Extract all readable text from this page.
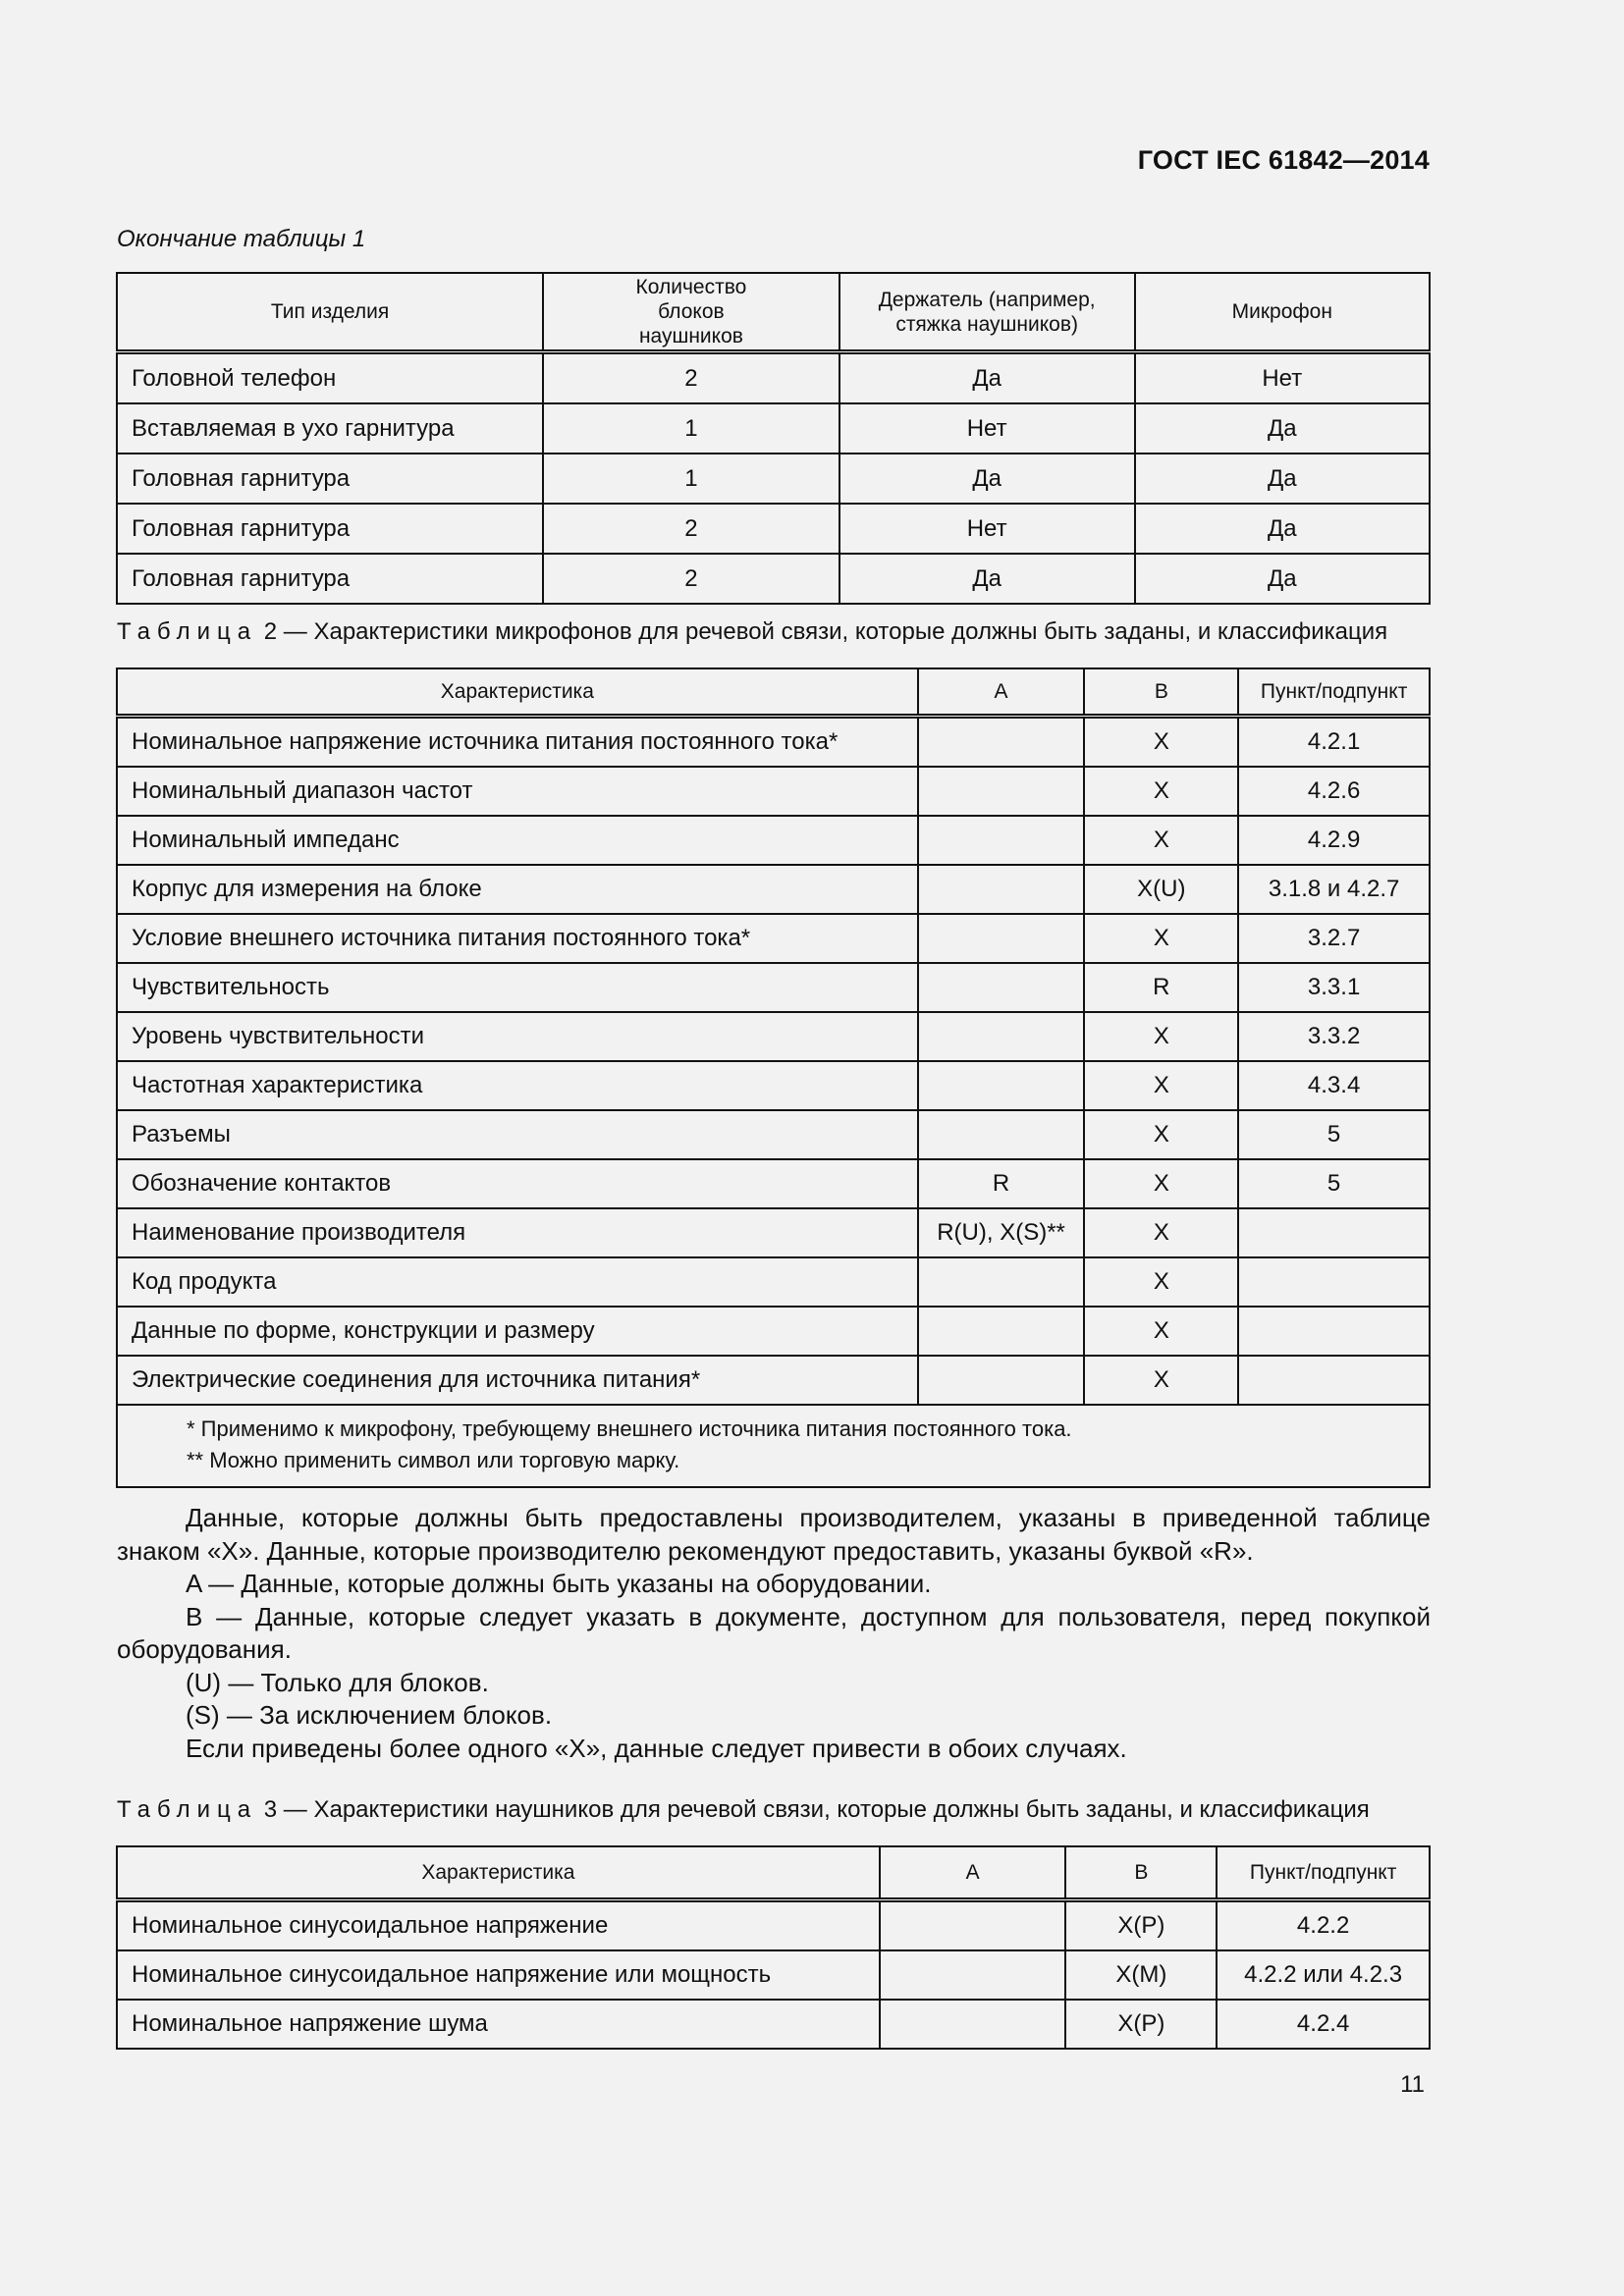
ГОСТ IEC 61842—2014
Окончание таблицы 1
Тип изделия	Количество блоков наушников	Держатель (например, стяжка наушников)	Микрофон
Головной телефон	2	Да	Нет
Вставляемая в ухо гарнитура	1	Нет	Да
Головная гарнитура	1	Да	Да
Головная гарнитура	2	Нет	Да
Головная гарнитура	2	Да	Да
Таблица 2 — Характеристики микрофонов для речевой связи, которые должны быть заданы, и классификация
Характеристика	A	B	Пункт/подпункт
Номинальное напряжение источника питания постоянного тока*		X	4.2.1
Номинальный диапазон частот		X	4.2.6
Номинальный импеданс		X	4.2.9
Корпус для измерения на блоке		X(U)	3.1.8 и 4.2.7
Условие внешнего источника питания постоянного тока*		X	3.2.7
Чувствительность		R	3.3.1
Уровень чувствительности		X	3.3.2
Частотная характеристика		X	4.3.4
Разъемы		X	5
Обозначение контактов	R	X	5
Наименование производителя	R(U), X(S)**	X	
Код продукта		X	
Данные по форме, конструкции и размеру		X	
Электрические соединения для источника питания*		X	

* Применимо к микрофону, требующему внешнего источника питания постоянного тока.
** Можно применить символ или торговую марку.			

Данные, которые должны быть предоставлены производителем, указаны в приведенной таблице

знаком «X». Данные, которые производителю рекомендуют предоставить, указаны буквой «R».

A — Данные, которые должны быть указаны на оборудовании.

B — Данные, которые следует указать в документе, доступном для пользователя, перед покупкой

оборудования.

(U) — Только для блоков.

(S) — За исключением блоков.

Если приведены более одного «X», данные следует привести в обоих случаях.

Таблица 3 — Характеристики наушников для речевой связи, которые должны быть заданы, и классификация
Характеристика	A	B	Пункт/подпункт
Номинальное синусоидальное напряжение		X(P)	4.2.2
Номинальное синусоидальное напряжение или мощность		X(M)	4.2.2 или 4.2.3
Номинальное напряжение шума		X(P)	4.2.4
11
